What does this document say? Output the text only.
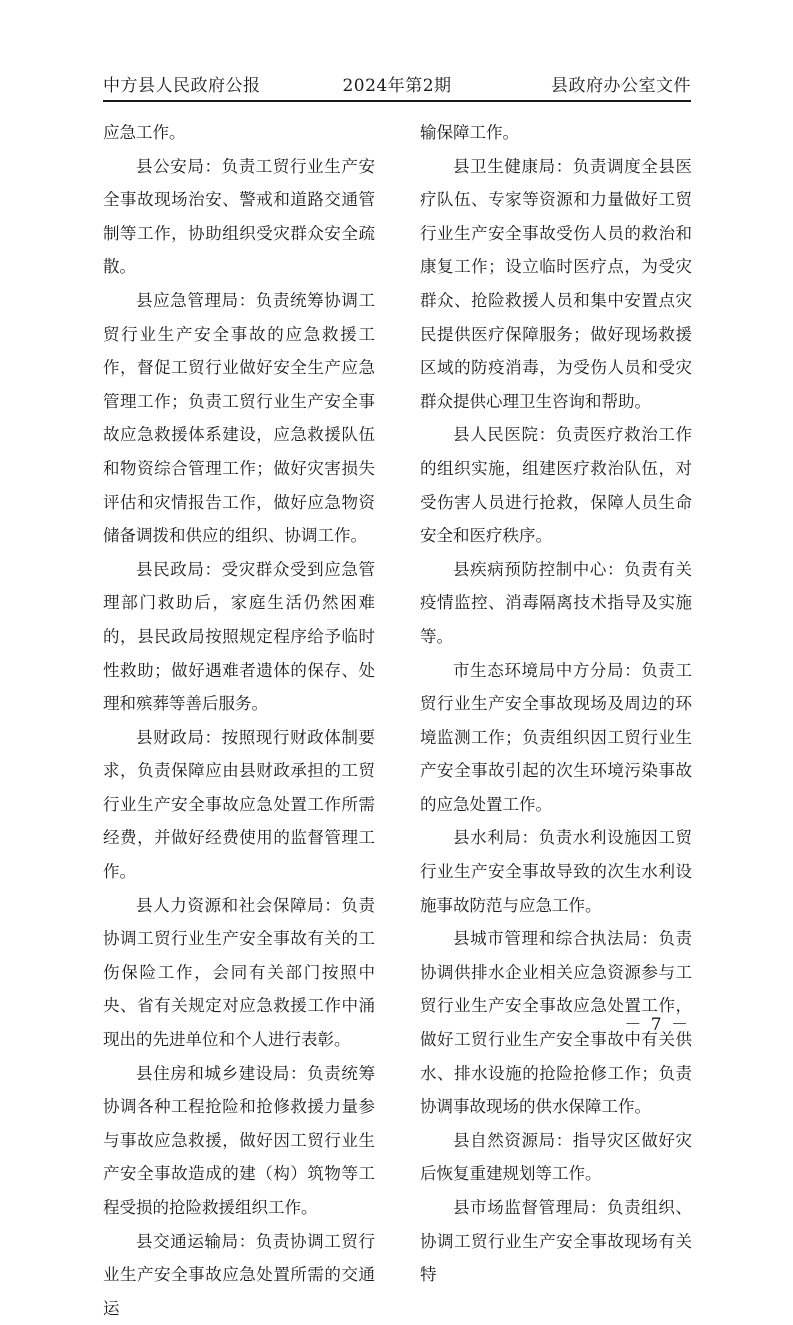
2024年第2期
中方县人民政府公报	县政府办公室文件

应急工作。

县公安局：负责工贸行业生产安全事故现场治安、警戒和道路交通管制等工作，协助组织受灾群众安全疏散。

县应急管理局：负责统筹协调工贸行业生产安全事故的应急救援工作，督促工贸行业做好安全生产应急管理工作；负责工贸行业生产安全事故应急救援体系建设，应急救援队伍和物资综合管理工作；做好灾害损失评估和灾情报告工作，做好应急物资储备调拨和供应的组织、协调工作。

县民政局：受灾群众受到应急管理部门救助后，家庭生活仍然困难的，县民政局按照规定程序给予临时性救助；做好遇难者遗体的保存、处理和殡葬等善后服务。

县财政局：按照现行财政体制要求，负责保障应由县财政承担的工贸行业生产安全事故应急处置工作所需经费，并做好经费使用的监督管理工作。

县人力资源和社会保障局：负责协调工贸行业生产安全事故有关的工伤保险工作，会同有关部门按照中央、省有关规定对应急救援工作中涌现出的先进单位和个人进行表彰。

县住房和城乡建设局：负责统筹协调各种工程抢险和抢修救援力量参与事故应急救援，做好因工贸行业生产安全事故造成的建（构）筑物等工程受损的抢险救援组织工作。

县交通运输局：负责协调工贸行业生产安全事故应急处置所需的交通运

输保障工作。

县卫生健康局：负责调度全县医疗队伍、专家等资源和力量做好工贸行业生产安全事故受伤人员的救治和康复工作；设立临时医疗点，为受灾群众、抢险救援人员和集中安置点灾民提供医疗保障服务；做好现场救援区域的防疫消毒，为受伤人员和受灾群众提供心理卫生咨询和帮助。

县人民医院：负责医疗救治工作的组织实施，组建医疗救治队伍，对受伤害人员进行抢救，保障人员生命安全和医疗秩序。

县疾病预防控制中心：负责有关疫情监控、消毒隔离技术指导及实施等。

市生态环境局中方分局：负责工贸行业生产安全事故现场及周边的环境监测工作；负责组织因工贸行业生产安全事故引起的次生环境污染事故的应急处置工作。

县水利局：负责水利设施因工贸行业生产安全事故导致的次生水利设施事故防范与应急工作。

县城市管理和综合执法局：负责协调供排水企业相关应急资源参与工贸行业生产安全事故应急处置工作，做好工贸行业生产安全事故中有关供水、排水设施的抢险抢修工作；负责协调事故现场的供水保障工作。

县自然资源局：指导灾区做好灾后恢复重建规划等工作。

县市场监督管理局：负责组织、协调工贸行业生产安全事故现场有关特

－ 7 －
